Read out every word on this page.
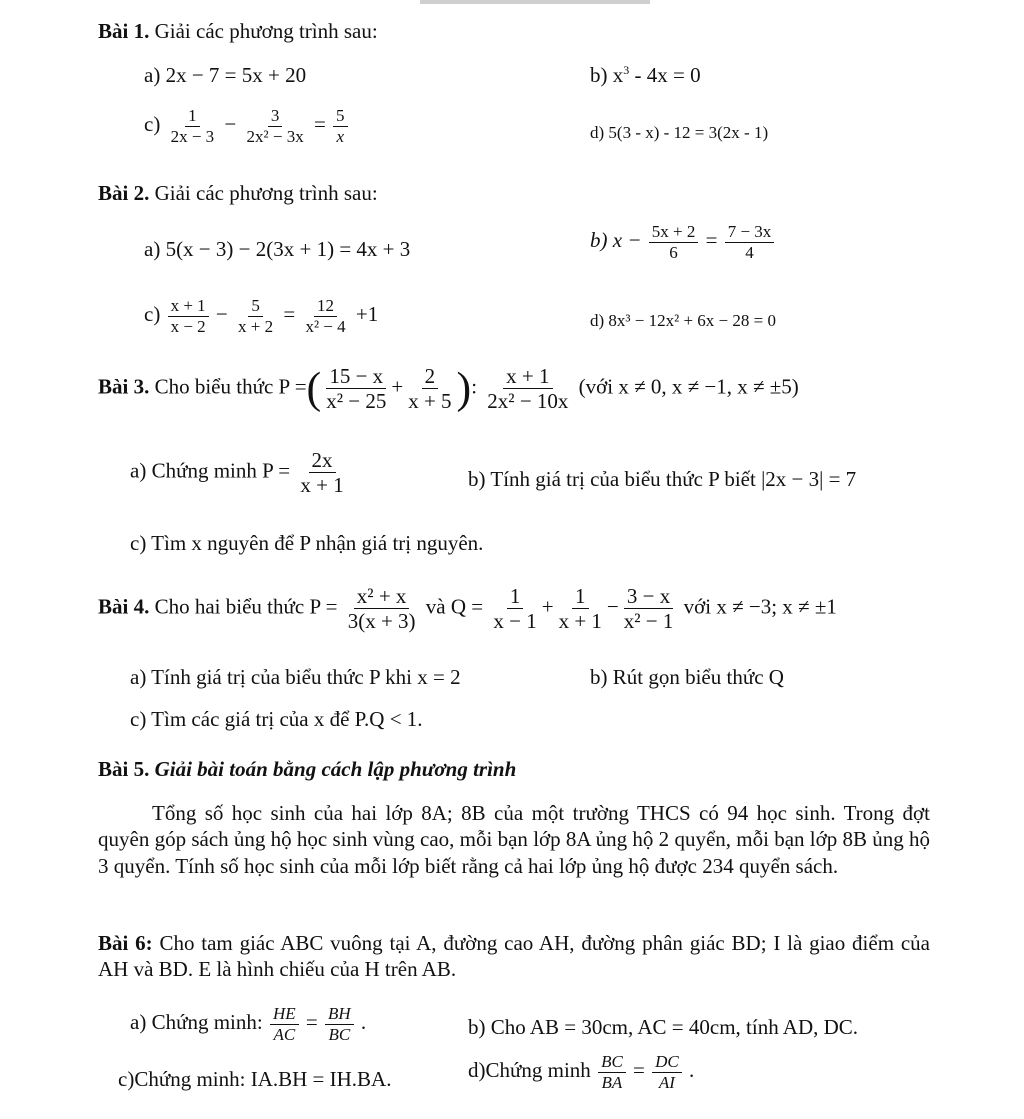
Bài 1. Giải các phương trình sau:
a) 2x − 7 = 5x + 20	b) $x^3 - 4x = 0$
$c) \frac{1}{2x - 3} - \frac{3}{\text{2x² − 3x}} = \frac{5}{x}$	d) 5(3 - x) - 12 = 3(2x - 1)
Bài 2. Giải các phương trình sau:
a) 5(x − 3) − 2(3x + 1) = 4x + 3	b) $x - \frac{5x + 2}{6} = \frac{7 - 3x}{4}$
$c) \frac{x + 1}{x - 2} - \frac{5}{x + 2} = \frac{12}{\text{x² − 4}} +1$	d) 8x³ − 12x² + 6x − 28 = 0
Bài 3. Cho biểu thức P =( $\frac{15 - x}{\text{x² − 25}} + \frac{2}{x + 5}$ ): $\frac{x + 1}{\text{2x² − 10x}}$ (với x ≠ 0, x ≠ −1, x ≠ ±5)
a) Chứng minh $P = \frac{2x}{x + 1}$	b) Tính giá trị của biểu thức P biết |2x − 3| = 7
c) Tìm x nguyên để P nhận giá trị nguyên.
Bài 4. Cho hai biểu thức $P = \frac{\text{x² + x}}{3(x + 3)}$ và $Q = \frac{1}{x - 1} + \frac{1}{x + 1} - \frac{3 - x}{\text{x² − 1}}$ với x ≠ −3; x ≠ ±1
a) Tính giá trị của biểu thức P khi x = 2	b) Rút gọn biểu thức Q
c) Tìm các giá trị của x để P.Q < 1.
Bài 5. Giải bài toán bằng cách lập phương trình
Tổng số học sinh của hai lớp 8A; 8B của một trường THCS có 94 học sinh. Trong đợt quyên góp sách ủng hộ học sinh vùng cao, mỗi bạn lớp 8A ủng hộ 2 quyển, mỗi bạn lớp 8B ủng hộ 3 quyển. Tính số học sinh của mỗi lớp biết rằng cả hai lớp ủng hộ được 234 quyển sách.
Bài 6: Cho tam giác ABC vuông tại A, đường cao AH, đường phân giác BD; I là giao điểm của AH và BD. E là hình chiếu của H trên AB.
a) Chứng minh: $\frac{HE}{AC} = \frac{BH}{BC}$ .	b) Cho AB = 30cm, AC = 40cm, tính AD, DC.
c)Chứng minh: IA.BH = IH.BA.	d)Chứng minh $\frac{BC}{BA} = \frac{DC}{AI}$ .
